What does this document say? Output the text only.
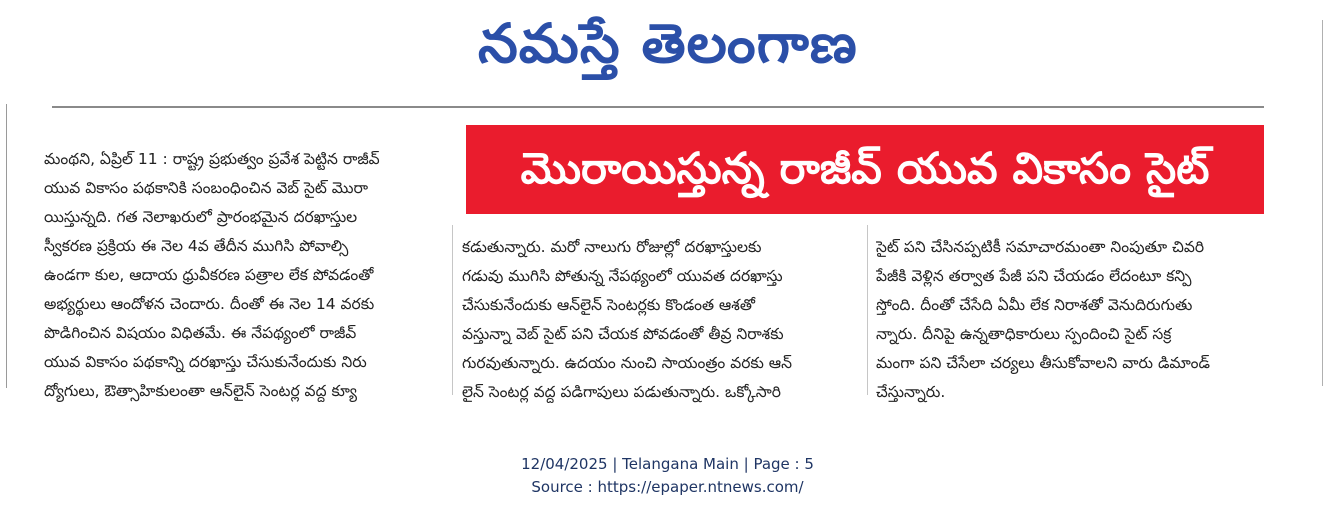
నమస్తే తెలంగాణ
మొరాయిస్తున్న రాజీవ్ యువ వికాసం సైట్
మంథని, ఏప్రిల్ 11 : రాష్ట్ర ప్రభుత్వం ప్రవేశ పెట్టిన రాజీవ్
యువ వికాసం పథకానికి సంబంధించిన వెబ్ సైట్ మొరా
యిస్తున్నది. గత నెలాఖరులో ప్రారంభమైన దరఖాస్తుల
స్వీకరణ ప్రక్రియ ఈ నెల 4వ తేదీన ముగిసి పోవాల్సి
ఉండగా కుల, ఆదాయ ధ్రువీకరణ పత్రాల లేక పోవడంతో
అభ్యర్థులు ఆందోళన చెందారు. దీంతో ఈ నెల 14 వరకు
పొడిగించిన విషయం విధితమే. ఈ నేపథ్యంలో రాజీవ్
యువ వికాసం పథకాన్ని దరఖాస్తు చేసుకునేందుకు నిరు
ద్యోగులు, ఔత్సాహికులంతా ఆన్‌లైన్ సెంటర్ల వద్ద క్యూ
కడుతున్నారు. మరో నాలుగు రోజుల్లో దరఖాస్తులకు
గడువు ముగిసి పోతున్న నేపథ్యంలో యువత దరఖాస్తు
చేసుకునేందుకు ఆన్‌లైన్ సెంటర్లకు కొండంత ఆశతో
వస్తున్నా వెబ్ సైట్ పని చేయక పోవడంతో తీవ్ర నిరాశకు
గురవుతున్నారు. ఉదయం నుంచి సాయంత్రం వరకు ఆన్
లైన్ సెంటర్ల వద్ద పడిగాపులు పడుతున్నారు. ఒక్కోసారి
సైట్ పని చేసినప్పటికీ సమాచారమంతా నింపుతూ చివరి
పేజీకి వెళ్లిన తర్వాత పేజీ పని చేయడం లేదంటూ కన్పి
స్తోంది. దీంతో చేసేది ఏమీ లేక నిరాశతో వెనుదిరుగుతు
న్నారు. దీనిపై ఉన్నతాధికారులు స్పందించి సైట్ సక్ర
మంగా పని చేసేలా చర్యలు తీసుకోవాలని వారు డిమాండ్
చేస్తున్నారు.
12/04/2025 | Telangana Main | Page : 5
Source : https://epaper.ntnews.com/
